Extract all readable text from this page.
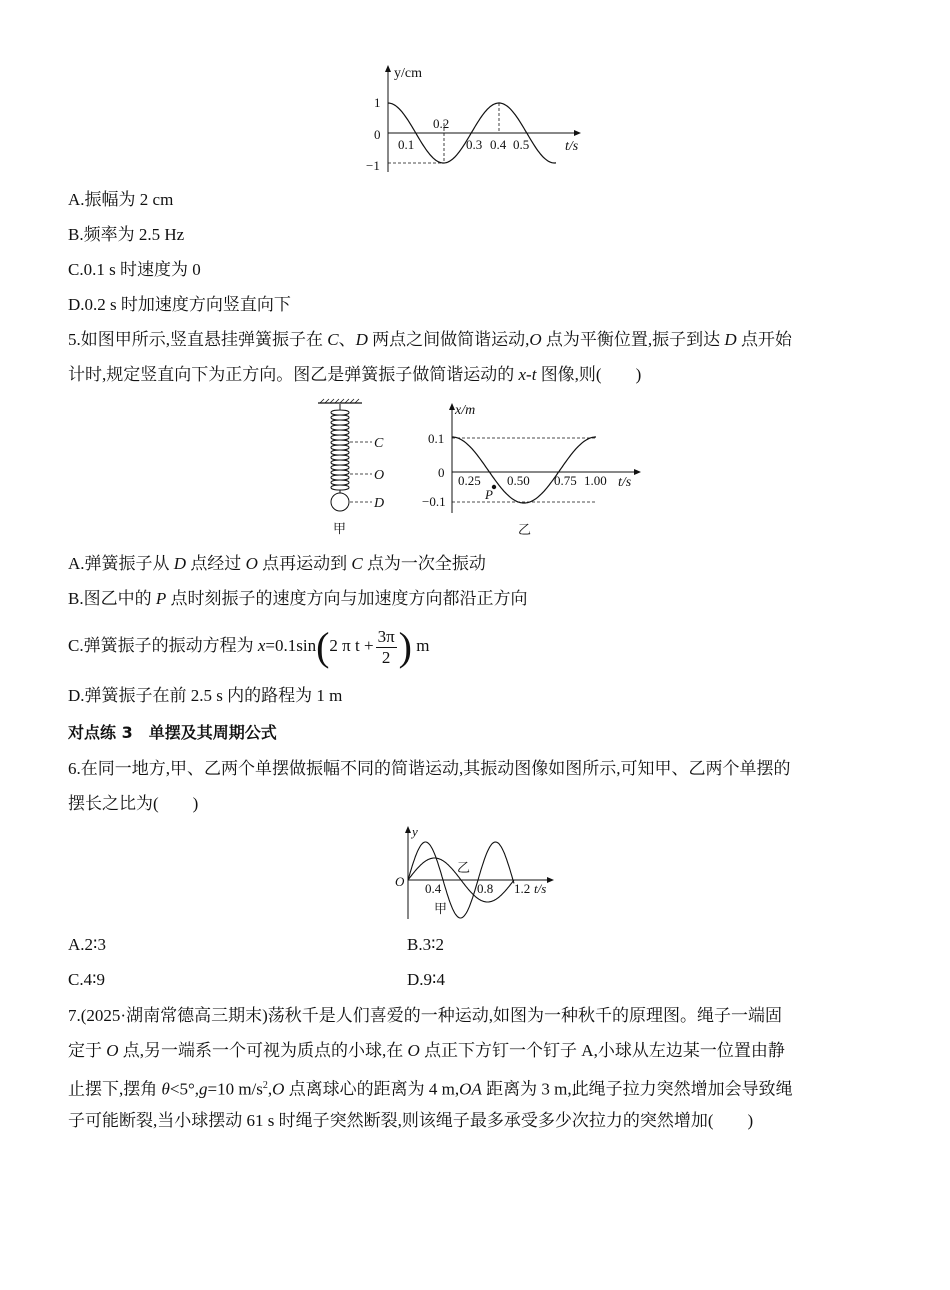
y/cm
t/s
1
0
−1
0.1
0.2
0.3 0.4 0.5
A.振幅为 2 cm
B.频率为 2.5 Hz
C.0.1 s 时速度为 0
D.0.2 s 时加速度方向竖直向下
5.如图甲所示,竖直悬挂弹簧振子在 C、D 两点之间做简谐运动,O 点为平衡位置,振子到达 D 点开始
计时,规定竖直向下为正方向。图乙是弹簧振子做简谐运动的 x-t 图像,则(　　)
C
O
D
甲
x/m
t/s
0.1
0
−0.1	P
0.25 0.50 0.75 1.00
乙
A.弹簧振子从 D 点经过 O 点再运动到 C 点为一次全振动
B.图乙中的 P 点时刻振子的速度方向与加速度方向都沿正方向
C.弹簧振子的振动方程为 x=0.1sin(2 π $t + \frac{3\pi}{2}$ ) m
D.弹簧振子在前 2.5 s 内的路程为 1 m
对点练 3　单摆及其周期公式
6.在同一地方,甲、乙两个单摆做振幅不同的简谐运动,其振动图像如图所示,可知甲、乙两个单摆的
摆长之比为(　　)
y
O	t/s
0.4	0.8 1.2
乙
甲
A.2∶3	B.3∶2
C.4∶9	D.9∶4
7.(2025·湖南常德高三期末)荡秋千是人们喜爱的一种运动,如图为一种秋千的原理图。绳子一端固
定于 O 点,另一端系一个可视为质点的小球,在 O 点正下方钉一个钉子 A,小球从左边某一位置由静
止摆下,摆角 θ<5°,g=10 $m/s^2,O$ 点离球心的距离为 4 m,OA 距离为 3 m,此绳子拉力突然增加会导致绳
子可能断裂,当小球摆动 61 s 时绳子突然断裂,则该绳子最多承受多少次拉力的突然增加(　　)
